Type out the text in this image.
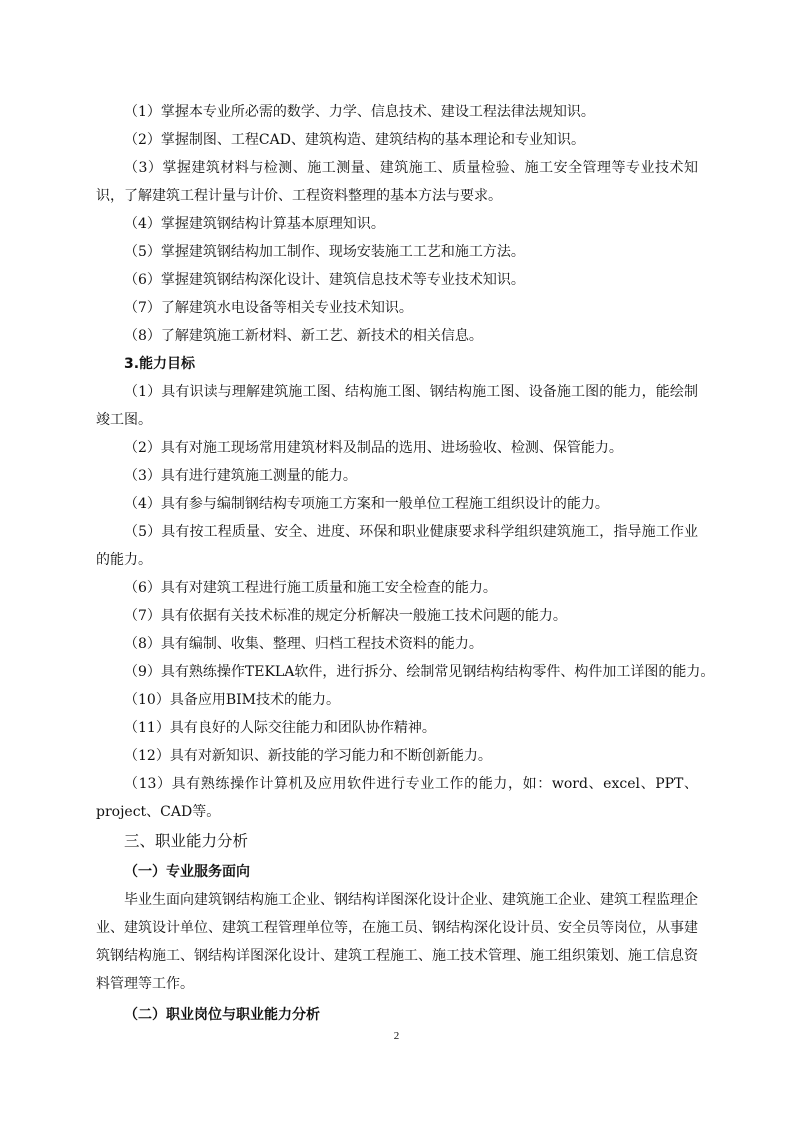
（1）掌握本专业所必需的数学、力学、信息技术、建设工程法律法规知识。
（2）掌握制图、工程CAD、建筑构造、建筑结构的基本理论和专业知识。
（3）掌握建筑材料与检测、施工测量、建筑施工、质量检验、施工安全管理等专业技术知识，了解建筑工程计量与计价、工程资料整理的基本方法与要求。
（4）掌握建筑钢结构计算基本原理知识。
（5）掌握建筑钢结构加工制作、现场安装施工工艺和施工方法。
（6）掌握建筑钢结构深化设计、建筑信息技术等专业技术知识。
（7）了解建筑水电设备等相关专业技术知识。
（8）了解建筑施工新材料、新工艺、新技术的相关信息。
3.能力目标
（1）具有识读与理解建筑施工图、结构施工图、钢结构施工图、设备施工图的能力，能绘制竣工图。
（2）具有对施工现场常用建筑材料及制品的选用、进场验收、检测、保管能力。
（3）具有进行建筑施工测量的能力。
（4）具有参与编制钢结构专项施工方案和一般单位工程施工组织设计的能力。
（5）具有按工程质量、安全、进度、环保和职业健康要求科学组织建筑施工，指导施工作业的能力。
（6）具有对建筑工程进行施工质量和施工安全检查的能力。
（7）具有依据有关技术标准的规定分析解决一般施工技术问题的能力。
（8）具有编制、收集、整理、归档工程技术资料的能力。
（9）具有熟练操作TEKLA软件，进行拆分、绘制常见钢结构结构零件、构件加工详图的能力。
（10）具备应用BIM技术的能力。
（11）具有良好的人际交往能力和团队协作精神。
（12）具有对新知识、新技能的学习能力和不断创新能力。
（13）具有熟练操作计算机及应用软件进行专业工作的能力，如：word、excel、PPT、project、CAD等。
三、职业能力分析
（一）专业服务面向
毕业生面向建筑钢结构施工企业、钢结构详图深化设计企业、建筑施工企业、建筑工程监理企业、建筑设计单位、建筑工程管理单位等，在施工员、钢结构深化设计员、安全员等岗位，从事建筑钢结构施工、钢结构详图深化设计、建筑工程施工、施工技术管理、施工组织策划、施工信息资料管理等工作。
（二）职业岗位与职业能力分析
2
